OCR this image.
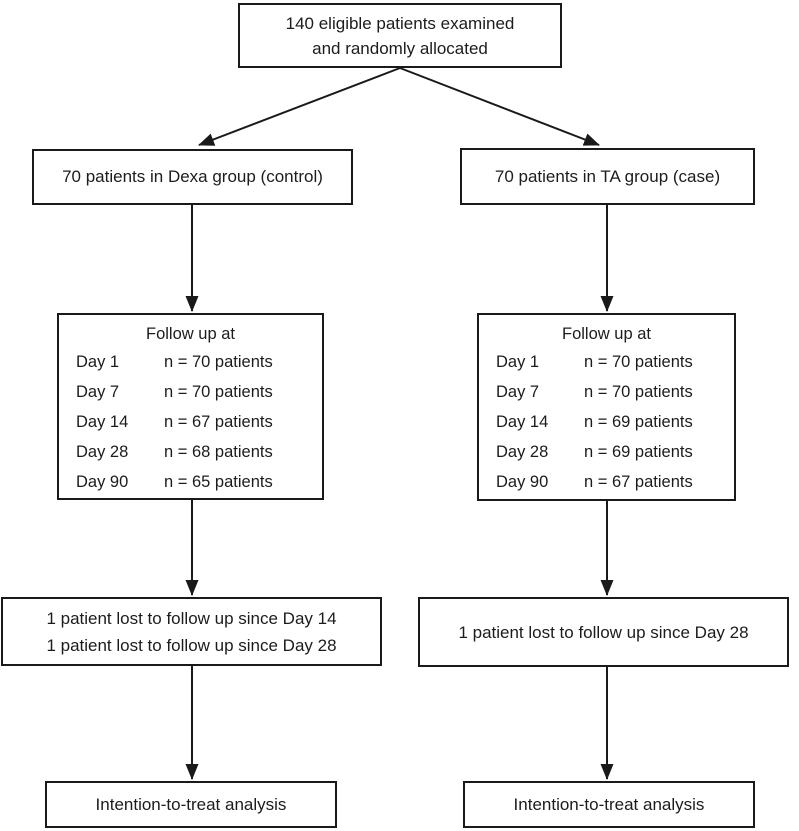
140 eligible patients examined
and randomly allocated
70 patients in Dexa group (control)	70 patients in TA group (case)
Follow up at
Day 1	n = 70 patients
Day 7	n = 70 patients
Day 14	n = 67 patients
Day 28	n = 68 patients
Day 90	n = 65 patients
Follow up at
Day 1	n = 70 patients
Day 7	n = 70 patients
Day 14	n = 69 patients
Day 28	n = 69 patients
Day 90	n = 67 patients
1 patient lost to follow up since Day 14
1 patient lost to follow up since Day 28
1 patient lost to follow up since Day 28
Intention-to-treat analysis	Intention-to-treat analysis
